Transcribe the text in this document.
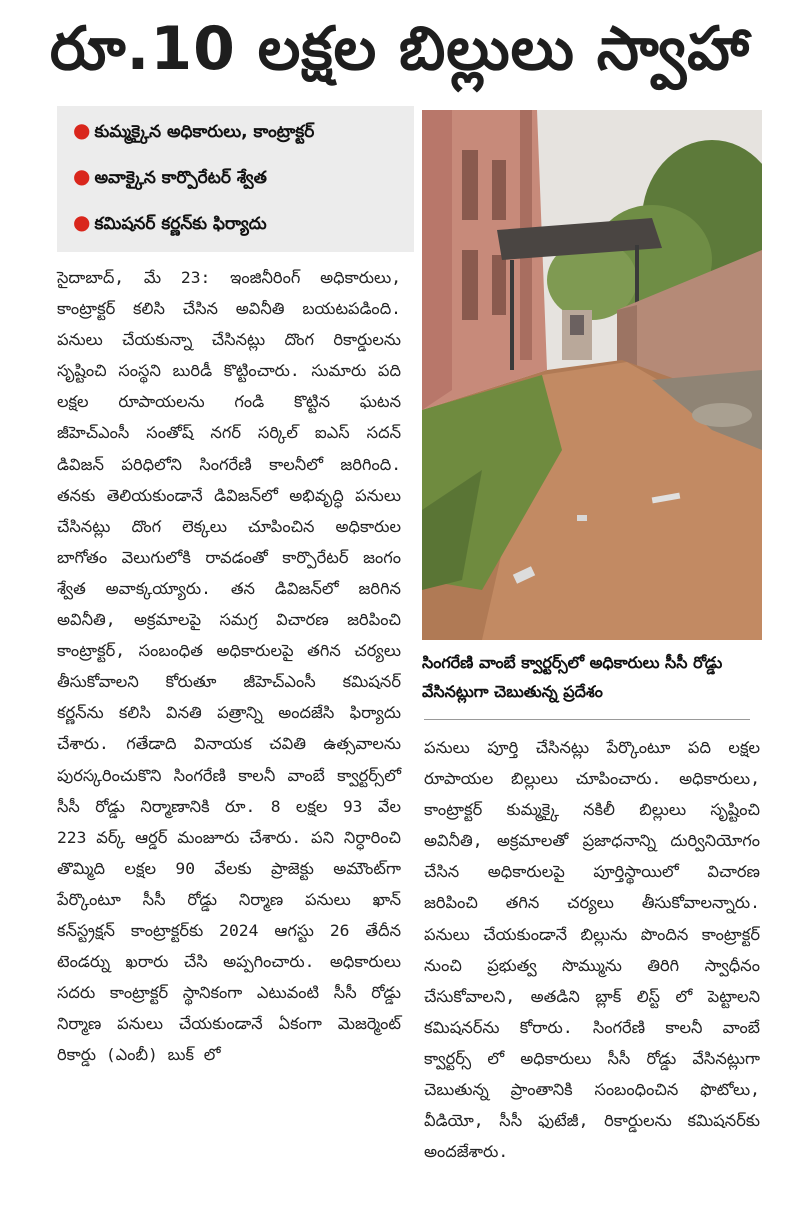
రూ.10 లక్షల బిల్లులు స్వాహా
● కుమ్మక్కైన అధికారులు, కాంట్రాక్టర్
● అవాక్కైన కార్పొరేటర్ శ్వేత
● కమిషనర్ కర్ణన్‌కు ఫిర్యాదు

సైదాబాద్, మే 23: ఇంజినీరింగ్ అధికారులు, కాంట్రాక్టర్ కలిసి చేసిన అవినీతి బయటపడింది. పనులు చేయకున్నా చేసినట్లు దొంగ రికార్డులను సృష్టించి సంస్థని బురిడీ కొట్టించారు. సుమారు పది లక్షల రూపాయలను గండి కొట్టిన ఘటన జీహెచ్ఎంసీ సంతోష్ నగర్ సర్కిల్ ఐఎస్ సదన్ డివిజన్ పరిధిలోని సింగరేణి కాలనీలో జరిగింది. తనకు తెలియకుండానే డివిజన్‌లో అభివృద్ధి పనులు చేసినట్లు దొంగ లెక్కలు చూపించిన అధికారుల బాగోతం వెలుగులోకి రావడంతో కార్పొరేటర్ జంగం శ్వేత అవాక్కయ్యారు. తన డివిజన్‌లో జరిగిన అవినీతి, అక్రమాలపై సమగ్ర విచారణ జరిపించి కాంట్రాక్టర్, సంబంధిత అధికారులపై తగిన చర్యలు తీసుకోవాలని కోరుతూ జీహెచ్ఎంసీ కమిషనర్ కర్ణన్‌ను కలిసి వినతి పత్రాన్ని అందజేసి ఫిర్యాదు చేశారు. గతేడాది వినాయక చవితి ఉత్సవాలను పురస్కరించుకొని సింగరేణి కాలనీ వాంబే క్వార్టర్స్‌లో సీసీ రోడ్డు నిర్మాణానికి రూ. 8 లక్షల 93 వేల 223 వర్క్ ఆర్డర్ మంజూరు చేశారు. పని నిర్ధారించి తొమ్మిది లక్షల 90 వేలకు ప్రాజెక్టు అమౌంట్‌గా పేర్కొంటూ సీసీ రోడ్డు నిర్మాణ పనులు ఖాన్ కన్‌స్ట్రక్షన్ కాంట్రాక్టర్‌కు 2024 ఆగస్టు 26 తేదీన టెండర్ను ఖరారు చేసి అప్పగించారు. అధికారులు సదరు కాంట్రాక్టర్ స్థానికంగా ఎటువంటి సీసీ రోడ్డు నిర్మాణ పనులు చేయకుండానే ఏకంగా మెజర్మెంట్ రికార్డు (ఎంబీ) బుక్ లో

సింగరేణి వాంబే క్వార్టర్స్‌లో అధికారులు సీసీ రోడ్డు వేసినట్లుగా చెబుతున్న ప్రదేశం

పనులు పూర్తి చేసినట్లు పేర్కొంటూ పది లక్షల రూపాయల బిల్లులు చూపించారు. అధికారులు, కాంట్రాక్టర్ కుమ్మక్కై నకిలీ బిల్లులు సృష్టించి అవినీతి, అక్రమాలతో ప్రజాధనాన్ని దుర్వినియోగం చేసిన అధికారులపై పూర్తిస్థాయిలో విచారణ జరిపించి తగిన చర్యలు తీసుకోవాలన్నారు. పనులు చేయకుండానే బిల్లును పొందిన కాంట్రాక్టర్ నుంచి ప్రభుత్వ సొమ్మును తిరిగి స్వాధీనం చేసుకోవాలని, అతడిని బ్లాక్ లిస్ట్ లో పెట్టాలని కమిషనర్‌ను కోరారు. సింగరేణి కాలనీ వాంబే క్వార్టర్స్ లో అధికారులు సీసీ రోడ్డు వేసినట్లుగా చెబుతున్న ప్రాంతానికి సంబంధించిన ఫొటోలు, వీడియో, సీసీ ఫుటేజీ, రికార్డులను కమిషనర్‌కు అందజేశారు.
